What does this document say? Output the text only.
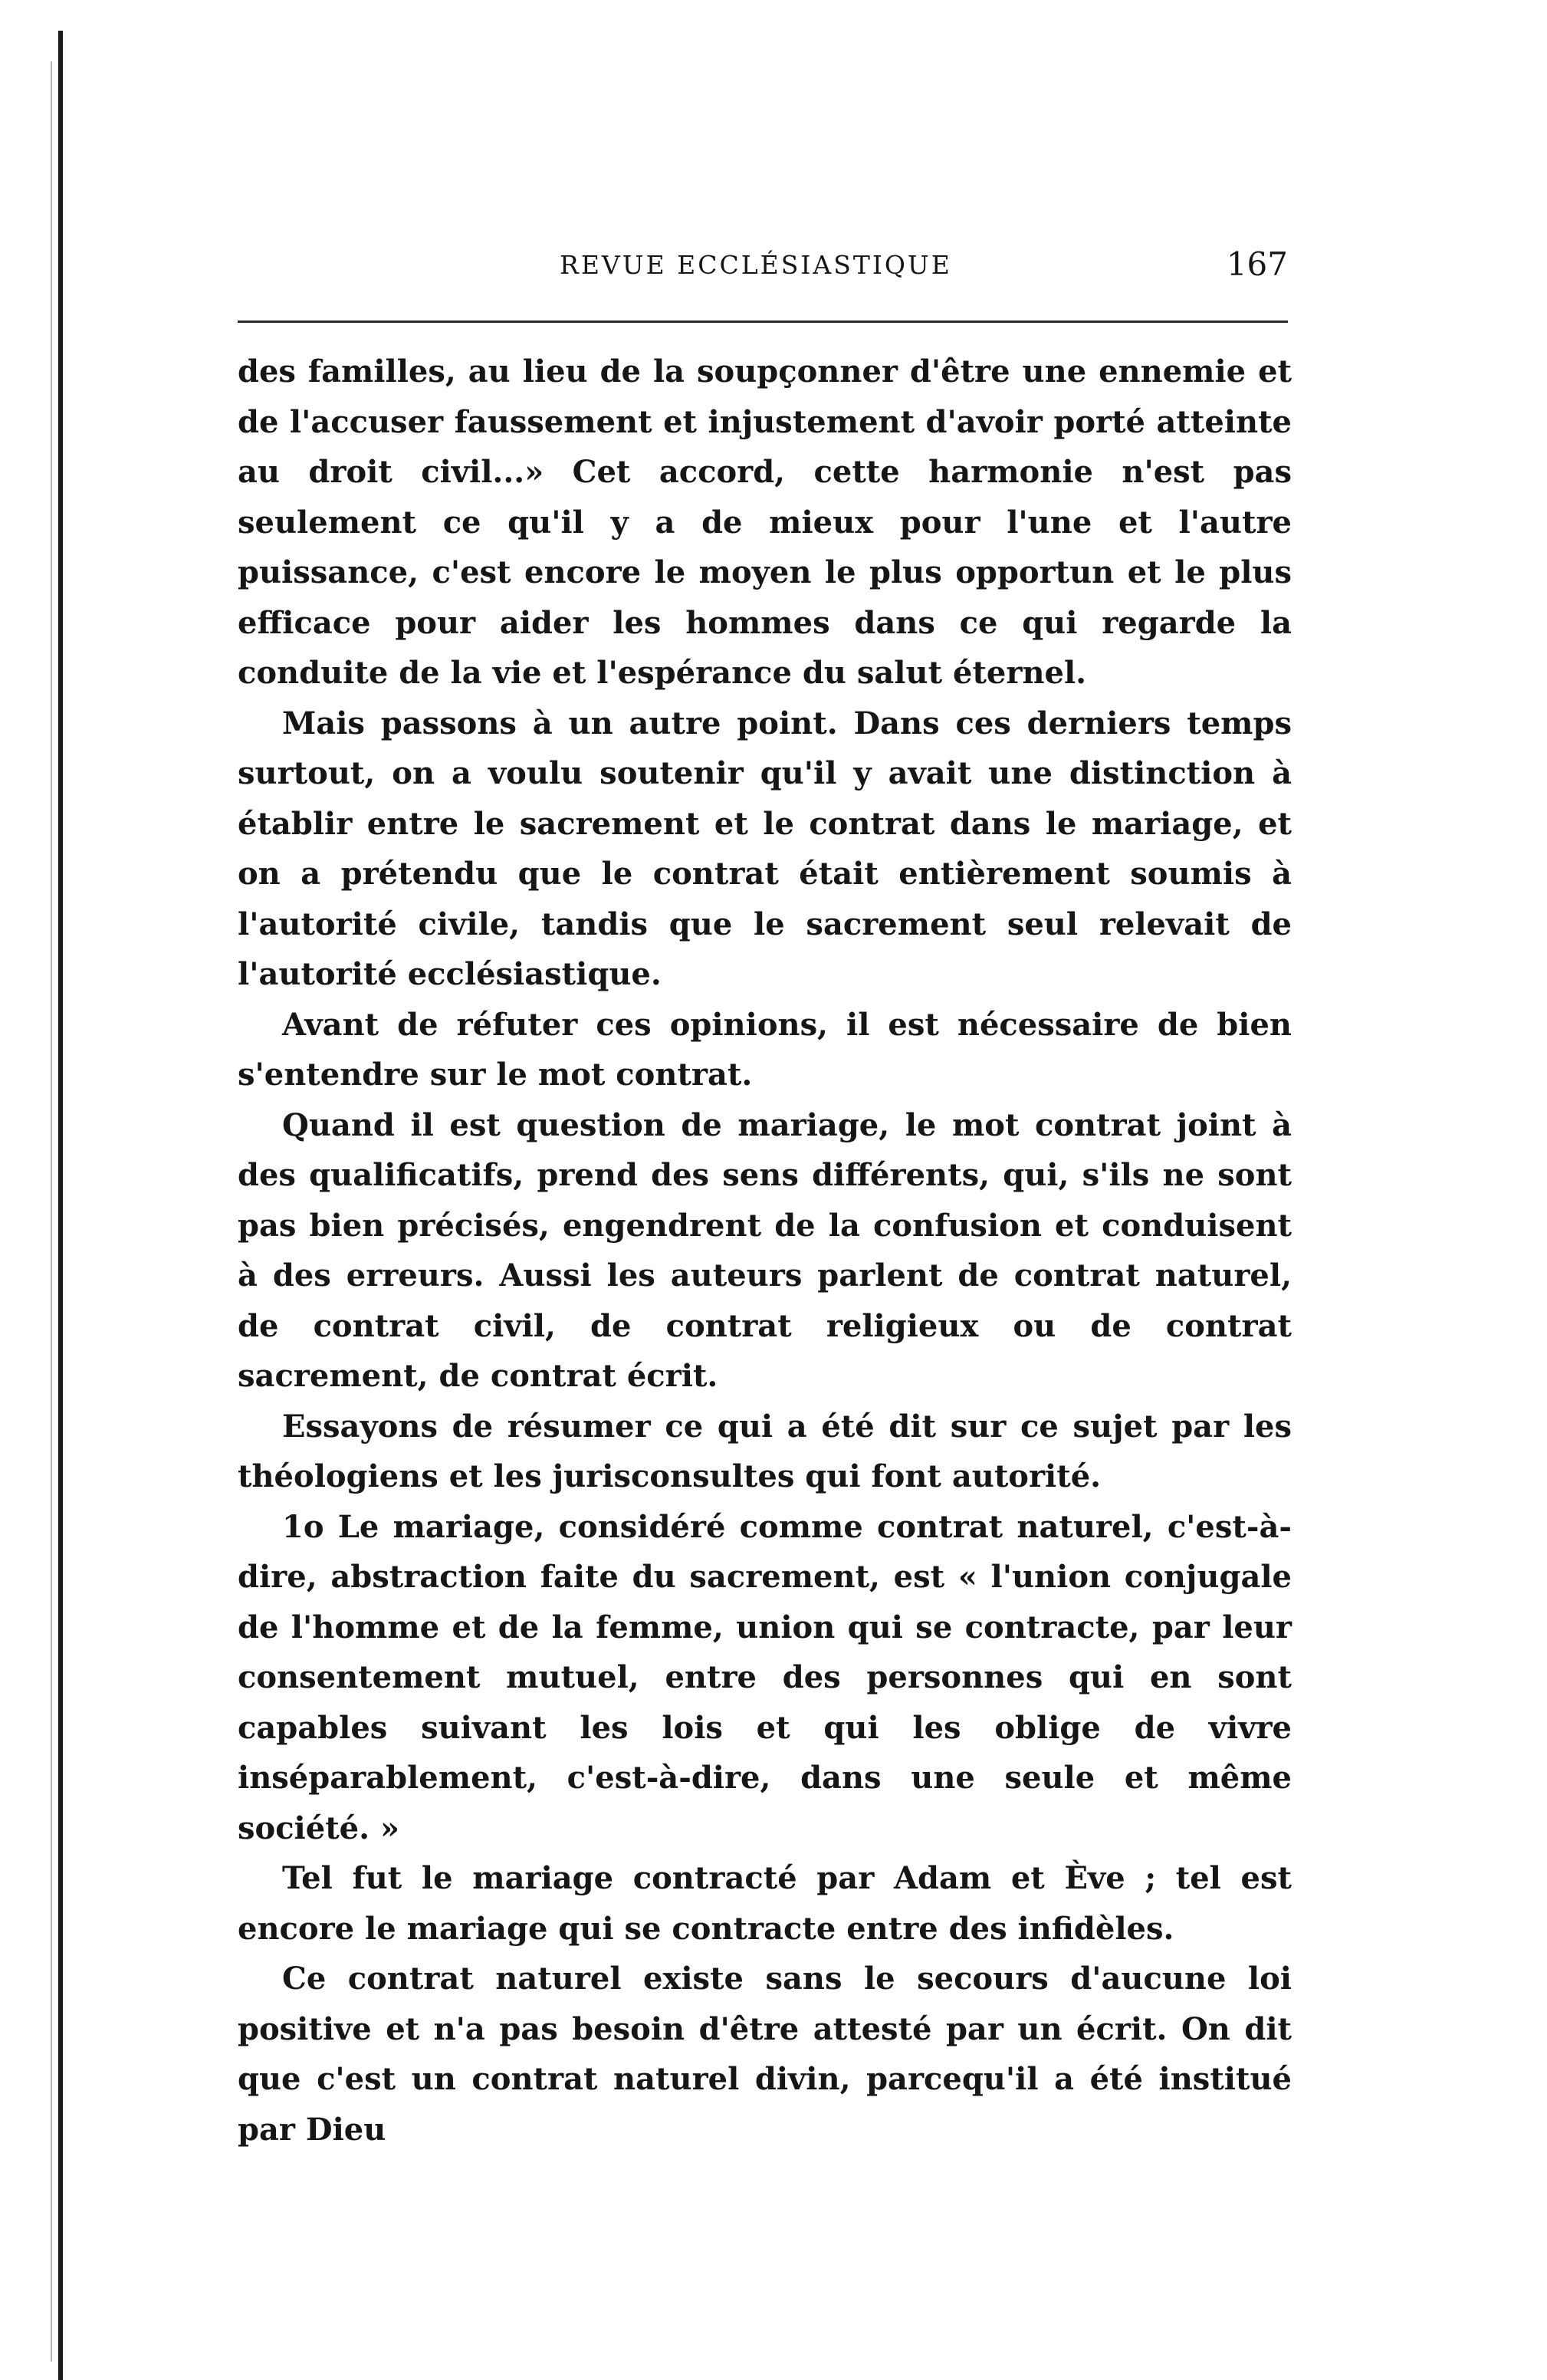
REVUE ECCLÉSIASTIQUE	167

des familles, au lieu de la soupçonner d'être une ennemie et de l'accuser faussement et injustement d'avoir porté atteinte au droit civil...» Cet accord, cette harmonie n'est pas seulement ce qu'il y a de mieux pour l'une et l'autre puissance, c'est encore le moyen le plus opportun et le plus efficace pour aider les hommes dans ce qui regarde la conduite de la vie et l'espérance du salut éternel.

Mais passons à un autre point. Dans ces derniers temps surtout, on a voulu soutenir qu'il y avait une distinction à établir entre le sacrement et le contrat dans le mariage, et on a prétendu que le contrat était entièrement soumis à l'autorité civile, tandis que le sacrement seul relevait de l'autorité ecclésiastique.

Avant de réfuter ces opinions, il est nécessaire de bien s'entendre sur le mot contrat.

Quand il est question de mariage, le mot contrat joint à des qualificatifs, prend des sens différents, qui, s'ils ne sont pas bien précisés, engendrent de la confusion et conduisent à des erreurs. Aussi les auteurs parlent de contrat naturel, de contrat civil, de contrat religieux ou de contrat sacrement, de contrat écrit.

Essayons de résumer ce qui a été dit sur ce sujet par les théologiens et les jurisconsultes qui font autorité.

1o Le mariage, considéré comme contrat naturel, c'est-à-dire, abstraction faite du sacrement, est « l'union conjugale de l'homme et de la femme, union qui se contracte, par leur consentement mutuel, entre des personnes qui en sont capables suivant les lois et qui les oblige de vivre inséparablement, c'est-à-dire, dans une seule et même société. »

Tel fut le mariage contracté par Adam et Ève ; tel est encore le mariage qui se contracte entre des infidèles.

Ce contrat naturel existe sans le secours d'aucune loi positive et n'a pas besoin d'être attesté par un écrit. On dit que c'est un contrat naturel divin, parcequ'il a été institué par Dieu
